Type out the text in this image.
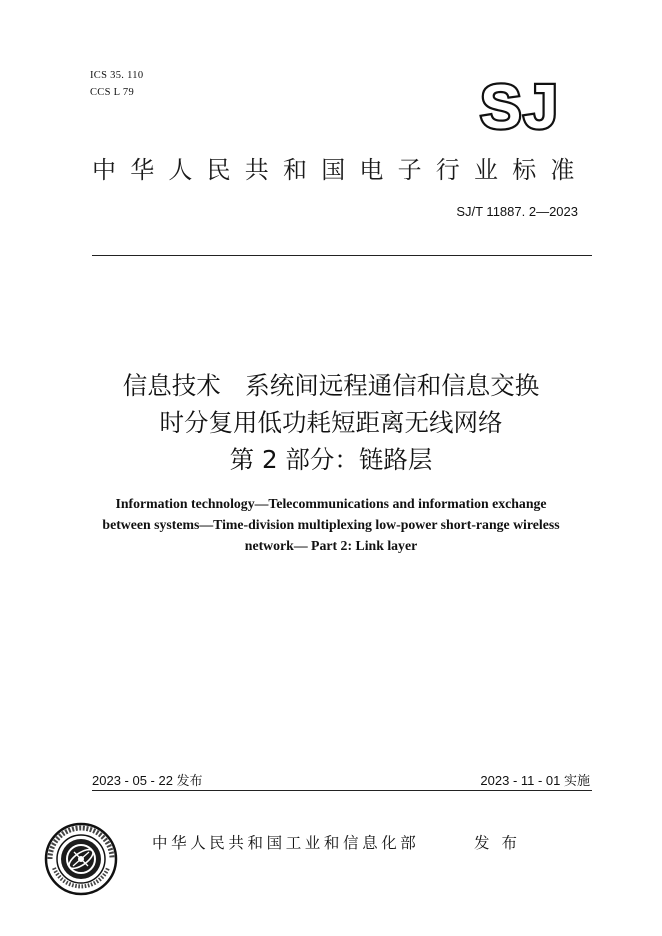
ICS 35. 110
CCS L 79	SJ
中华人民共和国电子行业标准
SJ/T 11887. 2—2023
信息技术　系统间远程通信和信息交换
时分复用低功耗短距离无线网络
第 2 部分：链路层
Information technology—Telecommunications and information exchange
between systems—Time-division multiplexing low-power short-range wireless
network— Part 2: Link layer
2023 - 05 - 22 发布	2023 - 11 - 01 实施
中华人民共和国工业和信息化部	发布
